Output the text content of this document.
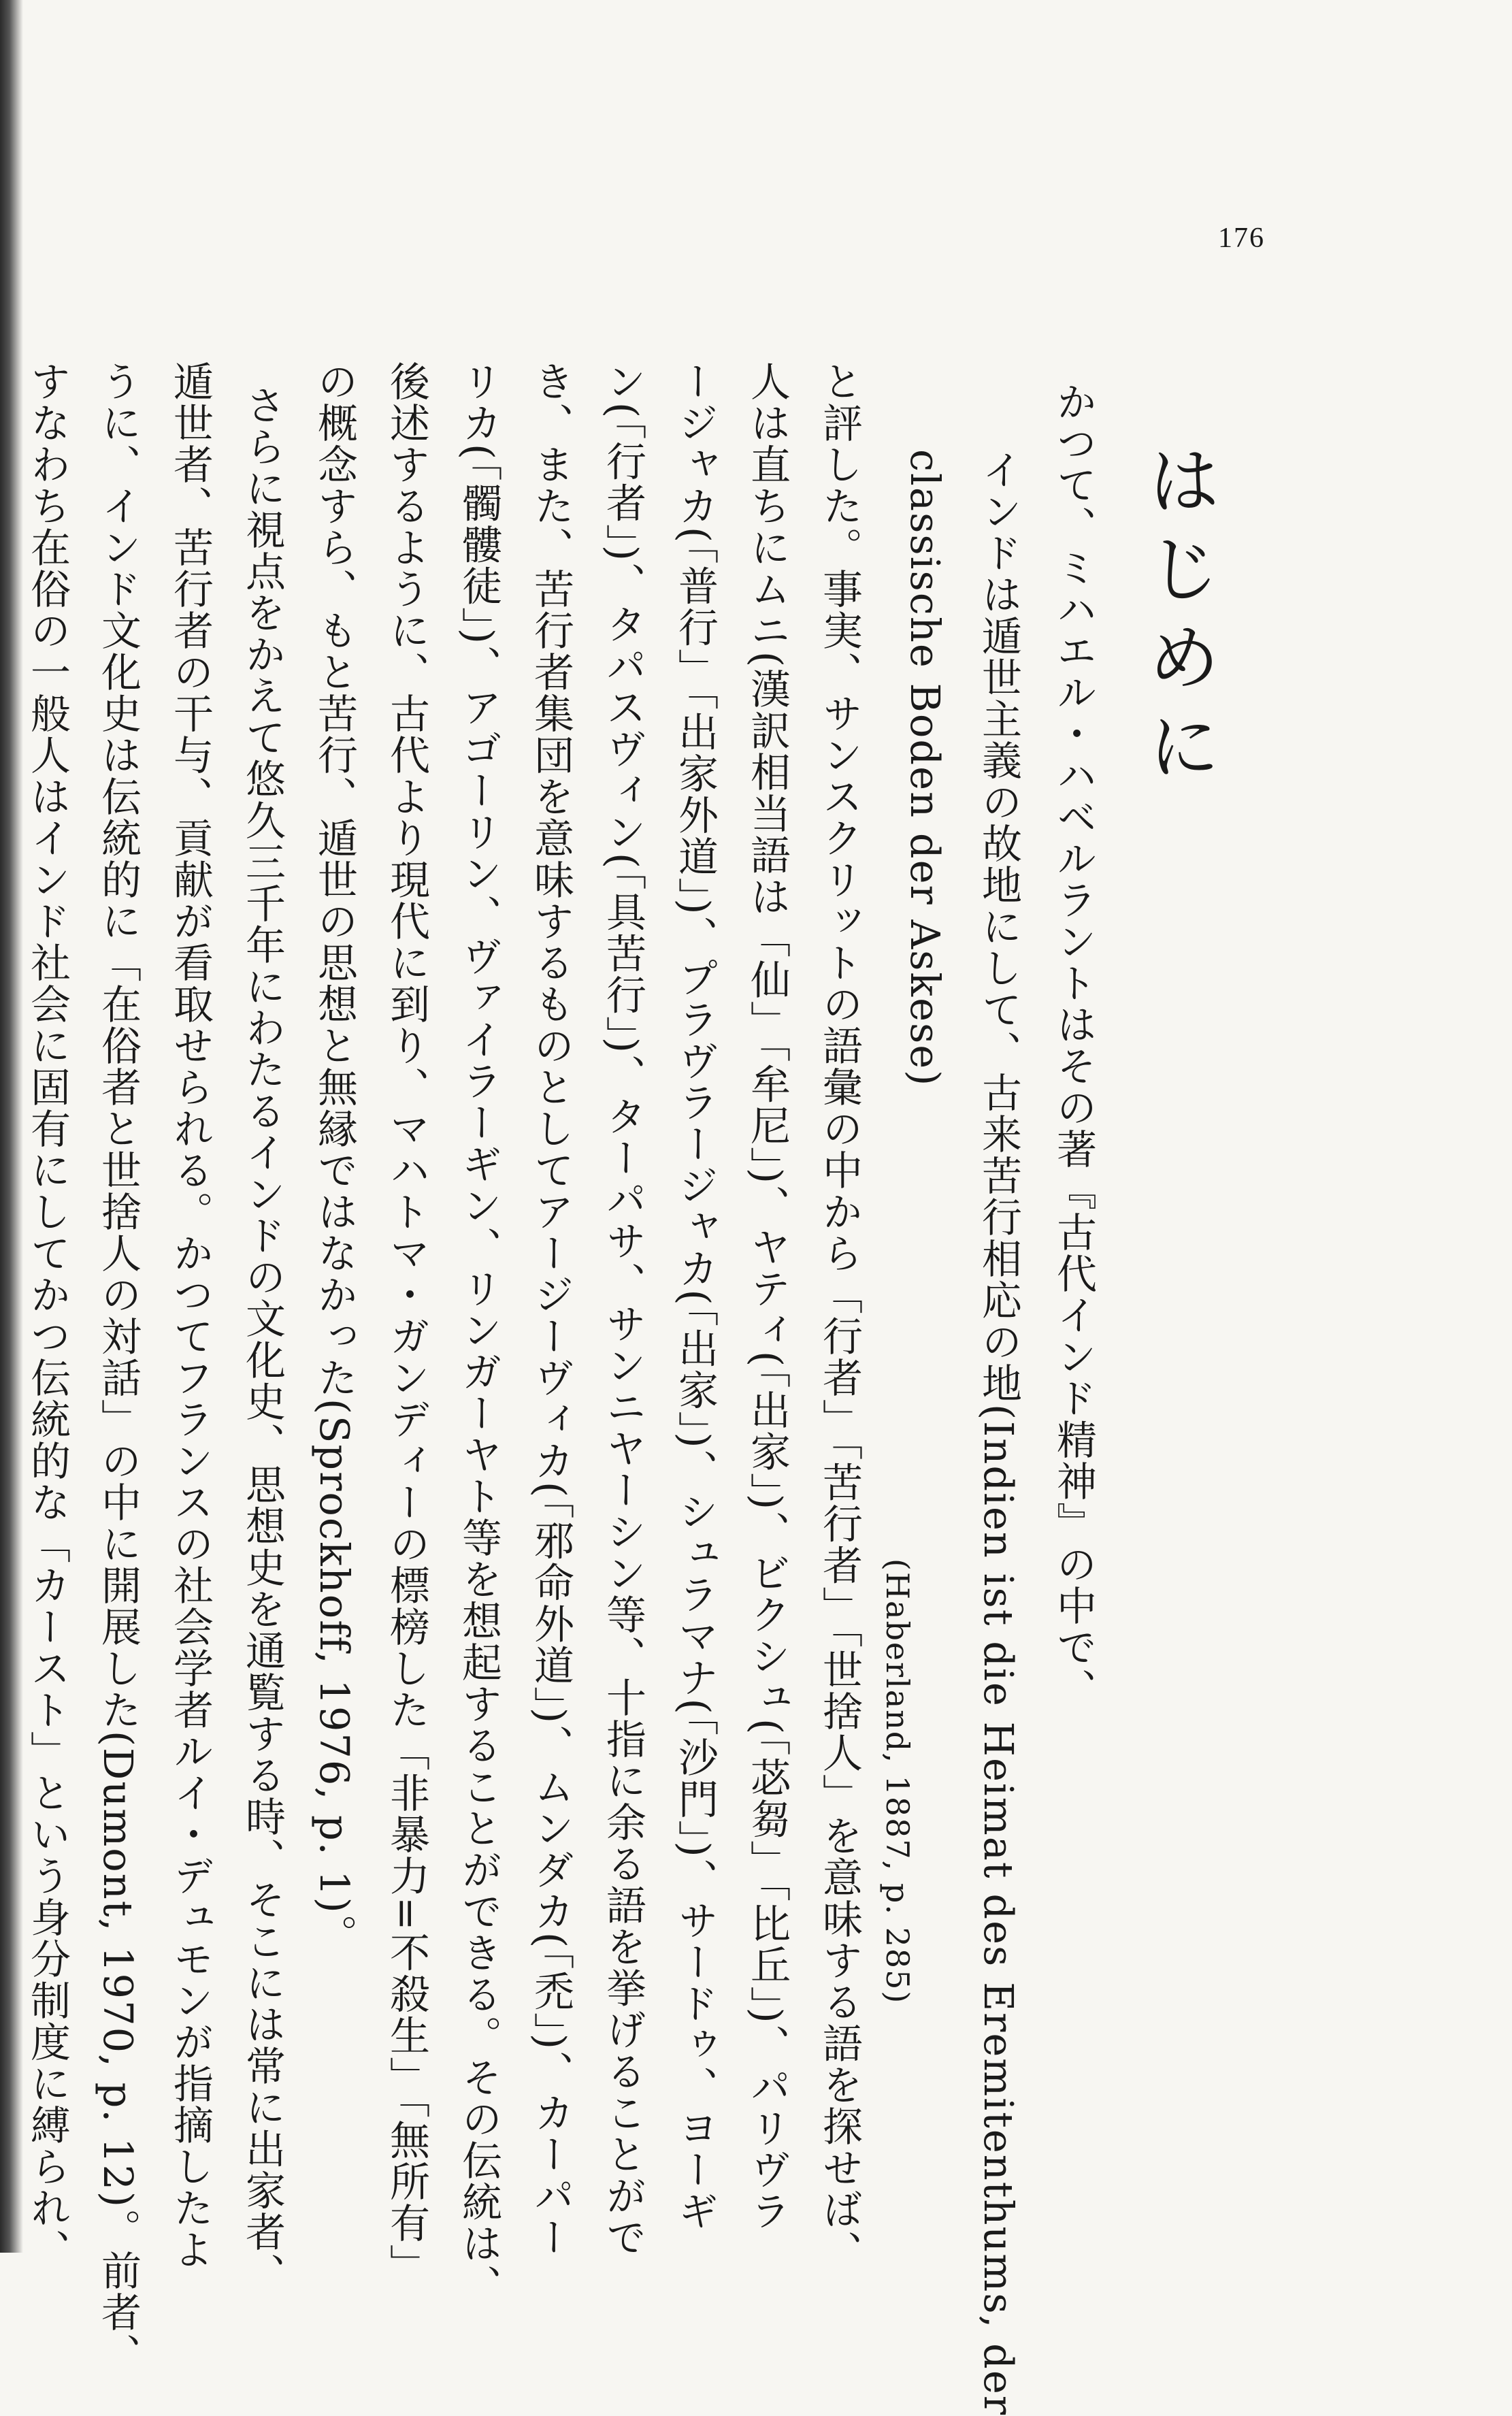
176
はじめに
かつて、ミハエル・ハベルラントはその著『古代インド精神』の中で、
インドは遁世主義の故地にして、古来苦行相応の地(Indien ist die Heimat des Eremitenthums, der
classische Boden der Askese)
(Haberland, 1887, p. 285)
と評した。事実、サンスクリットの語彙の中から「行者」「苦行者」「世捨人」を意味する語を探せば、
人は直ちにムニ(漢訳相当語は「仙」「牟尼」)、ヤティ(「出家」)、ビクシュ(「苾芻」「比丘」)、パリヴラ
ージャカ(「普行」「出家外道」)、プラヴラージャカ(「出家」)、シュラマナ(「沙門」)、サードゥ、ヨーギ
ン(「行者」)、タパスヴィン(「具苦行」)、ターパサ、サンニヤーシン等、十指に余る語を挙げることがで
き、また、苦行者集団を意味するものとしてアージーヴィカ(「邪命外道」)、ムンダカ(「禿」)、カーパー
リカ(「髑髏徒」)、アゴーリン、ヴァイラーギン、リンガーヤト等を想起することができる。その伝統は、
後述するように、古代より現代に到り、マハトマ・ガンディーの標榜した「非暴力=不殺生」「無所有」
の概念すら、もと苦行、遁世の思想と無縁ではなかった(Sprockhoff, 1976, p. 1)。
さらに視点をかえて悠久三千年にわたるインドの文化史、思想史を通覧する時、そこには常に出家者、
遁世者、苦行者の干与、貢献が看取せられる。かつてフランスの社会学者ルイ・デュモンが指摘したよ
うに、インド文化史は伝統的に「在俗者と世捨人の対話」の中に開展した(Dumont, 1970, p. 12)。前者、
すなわち在俗の一般人はインド社会に固有にしてかつ伝統的な「カースト」という身分制度に縛られ、
